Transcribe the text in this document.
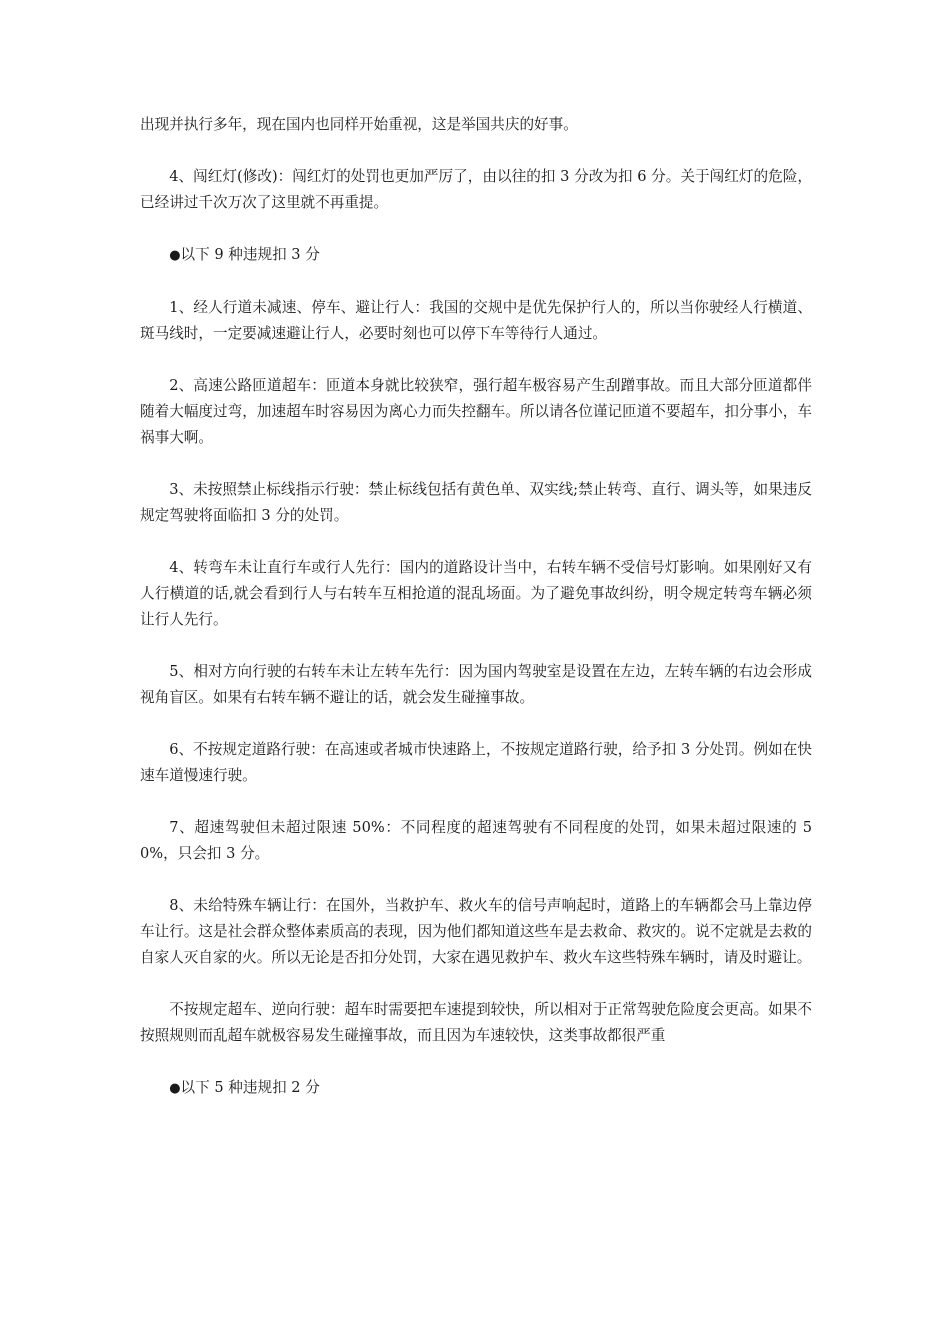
出现并执行多年，现在国内也同样开始重视，这是举国共庆的好事。

4、闯红灯(修改)：闯红灯的处罚也更加严厉了，由以往的扣 3 分改为扣 6 分。关于闯红灯的危险，已经讲过千次万次了这里就不再重提。

●以下 9 种违规扣 3 分

1、经人行道未减速、停车、避让行人：我国的交规中是优先保护行人的，所以当你驶经人行横道、斑马线时，一定要减速避让行人，必要时刻也可以停下车等待行人通过。

2、高速公路匝道超车：匝道本身就比较狭窄，强行超车极容易产生刮蹭事故。而且大部分匝道都伴随着大幅度过弯，加速超车时容易因为离心力而失控翻车。所以请各位谨记匝道不要超车，扣分事小，车祸事大啊。

3、未按照禁止标线指示行驶：禁止标线包括有黄色单、双实线;禁止转弯、直行、调头等，如果违反规定驾驶将面临扣 3 分的处罚。

4、转弯车未让直行车或行人先行：国内的道路设计当中，右转车辆不受信号灯影响。如果刚好又有人行横道的话,就会看到行人与右转车互相抢道的混乱场面。为了避免事故纠纷，明令规定转弯车辆必须让行人先行。

5、相对方向行驶的右转车未让左转车先行：因为国内驾驶室是设置在左边，左转车辆的右边会形成视角盲区。如果有右转车辆不避让的话，就会发生碰撞事故。

6、不按规定道路行驶：在高速或者城市快速路上，不按规定道路行驶，给予扣 3 分处罚。例如在快速车道慢速行驶。

7、超速驾驶但未超过限速 50%：不同程度的超速驾驶有不同程度的处罚，如果未超过限速的 50%，只会扣 3 分。

8、未给特殊车辆让行：在国外，当救护车、救火车的信号声响起时，道路上的车辆都会马上靠边停车让行。这是社会群众整体素质高的表现，因为他们都知道这些车是去救命、救灾的。说不定就是去救的自家人灭自家的火。所以无论是否扣分处罚，大家在遇见救护车、救火车这些特殊车辆时，请及时避让。

不按规定超车、逆向行驶：超车时需要把车速提到较快，所以相对于正常驾驶危险度会更高。如果不按照规则而乱超车就极容易发生碰撞事故，而且因为车速较快，这类事故都很严重

●以下 5 种违规扣 2 分
